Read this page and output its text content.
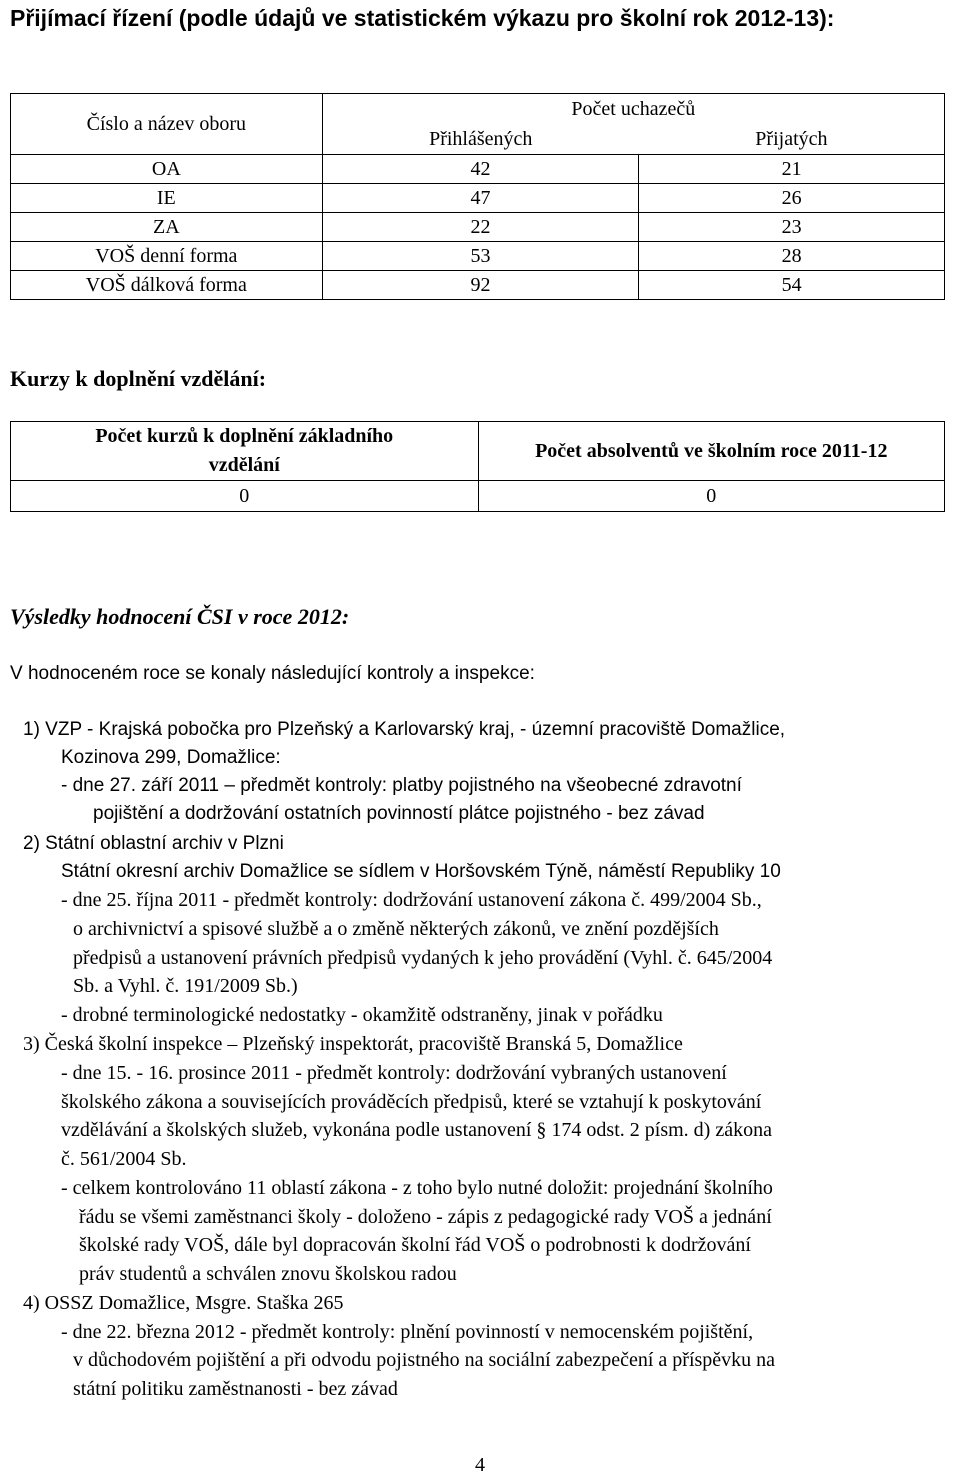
Přijímací řízení (podle údajů ve statistickém výkazu pro školní rok 2012-13):
Číslo a název oboru	Počet uchazečů	
	Přihlášených	Přijatých
OA	42	21
IE	47	26
ZA	22	23
VOŠ denní forma	53	28
VOŠ dálková forma	92	54
Kurzy k doplnění vzdělání:
Počet kurzů k doplnění základního vzdělání	Počet absolventů ve školním roce 2011-12
0	0
Výsledky hodnocení ČSI v roce 2012:

V hodnoceném roce se konaly následující kontroly a inspekce:

1) VZP - Krajská pobočka pro Plzeňský a Karlovarský kraj, - územní pracoviště Domažlice,

Kozinova 299, Domažlice:

- dne 27. září 2011 – předmět kontroly: platby pojistného na všeobecné zdravotní

pojištění a dodržování ostatních povinností plátce pojistného - bez závad

2) Státní oblastní archiv v Plzni

Státní okresní archiv Domažlice se sídlem v Horšovském Týně, náměstí Republiky 10

- dne 25. října 2011 - předmět kontroly: dodržování ustanovení zákona č. 499/2004 Sb.,

o archivnictví a spisové službě a o změně některých zákonů, ve znění pozdějších

předpisů a ustanovení právních předpisů vydaných k jeho provádění (Vyhl. č. 645/2004

Sb. a Vyhl. č. 191/2009 Sb.)

- drobné terminologické nedostatky - okamžitě odstraněny, jinak v pořádku

3) Česká školní inspekce – Plzeňský inspektorát, pracoviště Branská 5, Domažlice

- dne 15. - 16. prosince 2011 - předmět kontroly: dodržování vybraných ustanovení

školského zákona a souvisejících prováděcích předpisů, které se vztahují k poskytování

vzdělávání a školských služeb, vykonána podle ustanovení § 174 odst. 2 písm. d) zákona

č. 561/2004 Sb.

- celkem kontrolováno 11 oblastí zákona - z toho bylo nutné doložit: projednání školního

řádu se všemi zaměstnanci školy - doloženo - zápis z pedagogické rady VOŠ a jednání

školské rady VOŠ, dále byl dopracován školní řád VOŠ o podrobnosti k dodržování

práv studentů a schválen znovu školskou radou

4) OSSZ Domažlice, Msgre. Staška 265

- dne 22. března 2012 - předmět kontroly: plnění povinností v nemocenském pojištění,

v důchodovém pojištění a při odvodu pojistného na sociální zabezpečení a příspěvku na

státní politiku zaměstnanosti - bez závad

4
